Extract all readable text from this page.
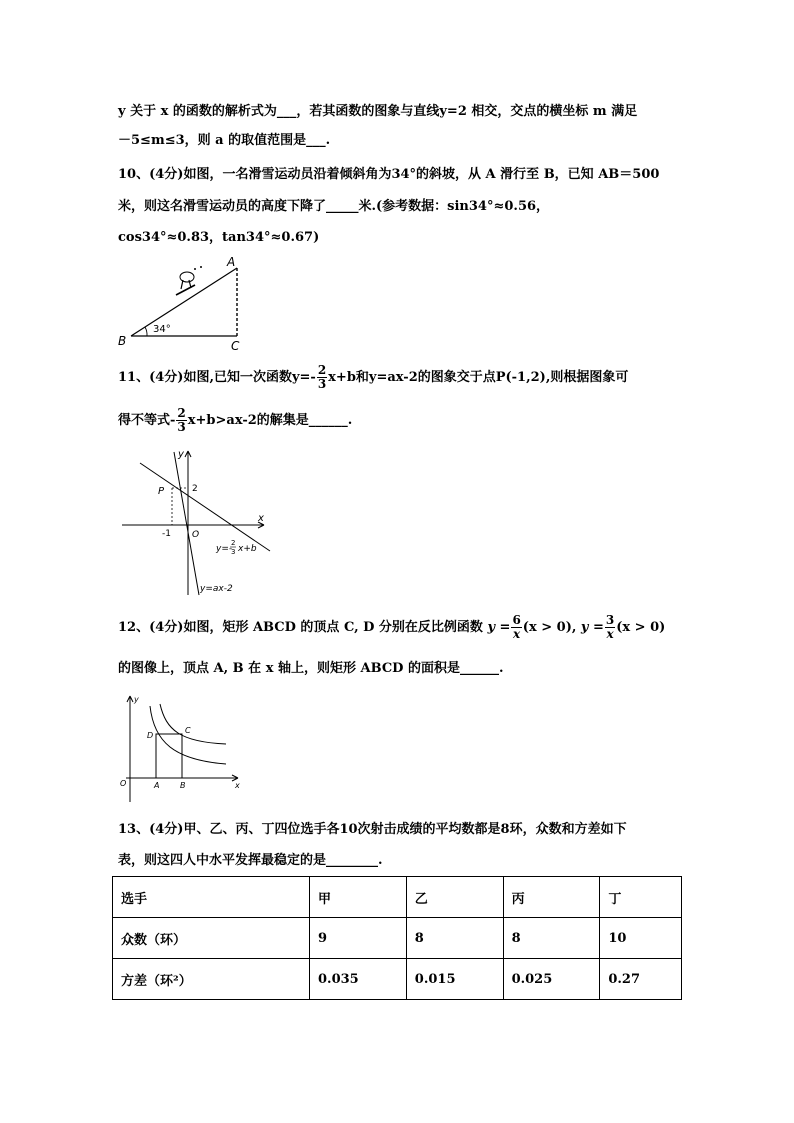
y 关于 x 的函数的解析式为___，若其函数的图象与直线y=2 相交，交点的横坐标 m 满足
－5≤m≤3，则 a 的取值范围是___.
10、(4分)如图，一名滑雪运动员沿着倾斜角为34°的斜坡，从 A 滑行至 B，已知 AB＝500
米，则这名滑雪运动员的高度下降了_____米.(参考数据：sin34°≈0.56，
cos34°≈0.83，tan34°≈0.67)
B
A
C
34°
11、(4分)如图,已知一次函数$y=- \frac{2}{3} x+b$和y=ax-2的图象交于点P(-1,2),则根据图象可
得不等式- $\frac{2}{3} x+b>ax-2$的解集是______.
y
x
P	2
-1 O
y=-
2
3 x+b
y=ax-2
12、(4分)如图，矩形 ABCD 的顶点 C, D 分别在反比例函数 $y = \frac{6}{x} (x > 0)$, $y = \frac{3}{x} (x > 0)$
的图像上，顶点 A, B 在 x 轴上，则矩形 ABCD 的面积是______.
y
x
O	A	B
C
D
13、(4分)甲、乙、丙、丁四位选手各10次射击成绩的平均数都是8环，众数和方差如下
表，则这四人中水平发挥最稳定的是________.
选手	甲	乙	丙	丁
众数（环）	9	8	8	10
方差（环²）	0.035	0.015	0.025	0.27
